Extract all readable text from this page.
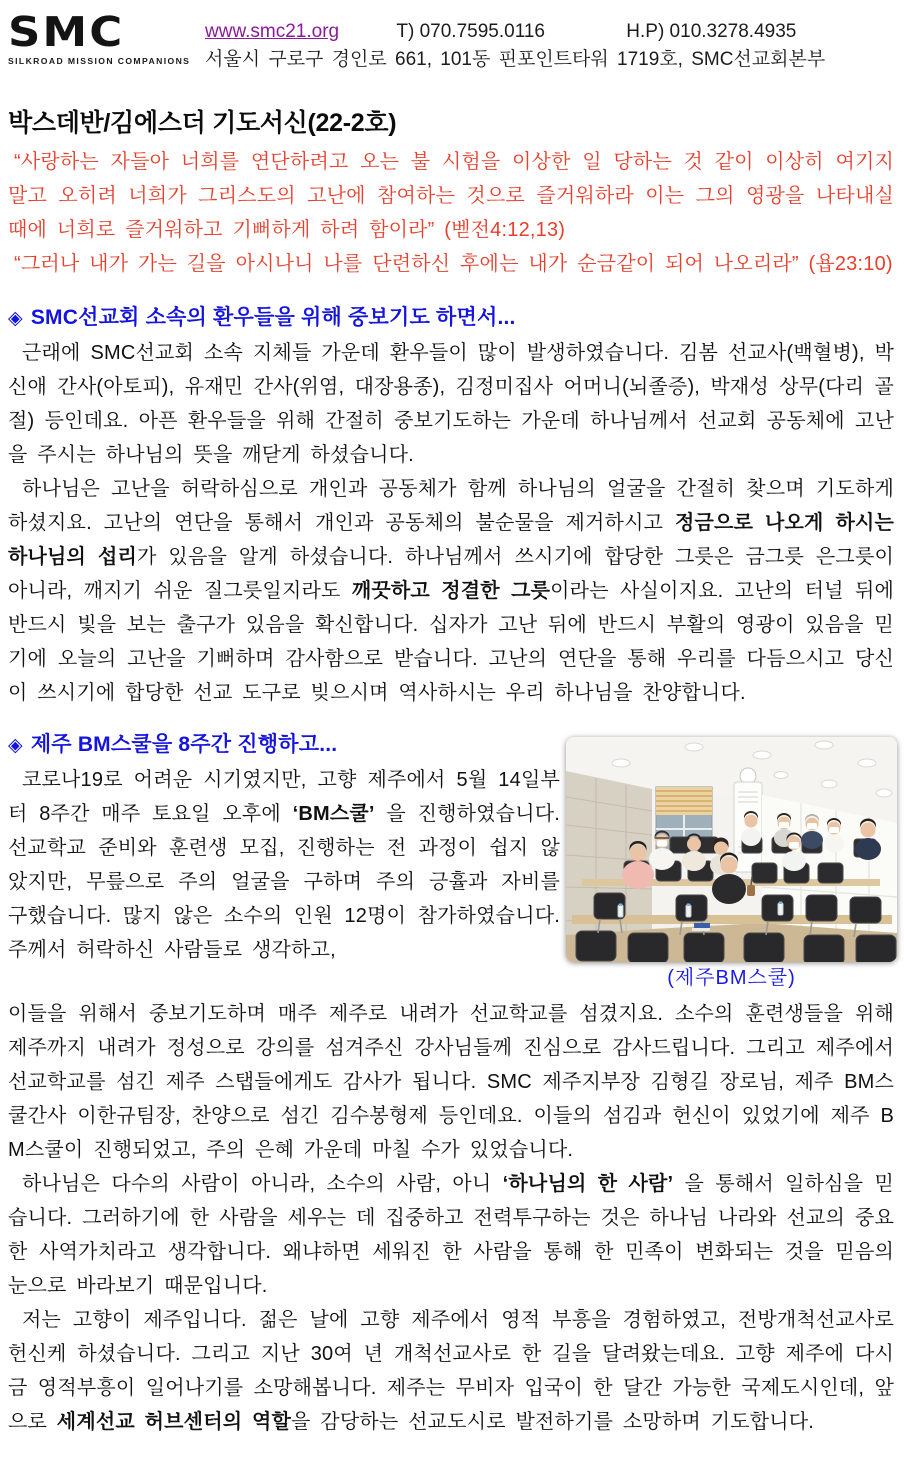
SMC
SILKROAD MISSION COMPANIONS
www.smc21.org	T) 070.7595.0116	H.P) 010.3278.4935
서울시 구로구 경인로 661, 101동 핀포인트타워 1719호, SMC선교회본부
박스데반/김에스더 기도서신(22-2호)

“사랑하는 자들아 너희를 연단하려고 오는 불 시험을 이상한 일 당하는 것 같이 이상히 여기지 말고 오히려 너희가 그리스도의 고난에 참여하는 것으로 즐거워하라 이는 그의 영광을 나타내실 때에 너희로 즐거워하고 기뻐하게 하려 함이라” (벧전4:12,13)

“그러나 내가 가는 길을 아시나니 나를 단련하신 후에는 내가 순금같이 되어 나오리라” (욥23:10)

◈ SMC선교회 소속의 환우들을 위해 중보기도 하면서...

근래에 SMC선교회 소속 지체들 가운데 환우들이 많이 발생하였습니다. 김봄 선교사(백혈병), 박신애 간사(아토피), 유재민 간사(위염, 대장용종), 김정미집사 어머니(뇌졸증), 박재성 상무(다리 골절) 등인데요. 아픈 환우들을 위해 간절히 중보기도하는 가운데 하나님께서 선교회 공동체에 고난을 주시는 하나님의 뜻을 깨닫게 하셨습니다.

하나님은 고난을 허락하심으로 개인과 공동체가 함께 하나님의 얼굴을 간절히 찾으며 기도하게 하셨지요. 고난의 연단을 통해서 개인과 공동체의 불순물을 제거하시고 정금으로 나오게 하시는 하나님의 섭리가 있음을 알게 하셨습니다. 하나님께서 쓰시기에 합당한 그릇은 금그릇 은그릇이 아니라, 깨지기 쉬운 질그릇일지라도 깨끗하고 정결한 그릇이라는 사실이지요. 고난의 터널 뒤에 반드시 빛을 보는 출구가 있음을 확신합니다. 십자가 고난 뒤에 반드시 부활의 영광이 있음을 믿기에 오늘의 고난을 기뻐하며 감사함으로 받습니다. 고난의 연단을 통해 우리를 다듬으시고 당신이 쓰시기에 합당한 선교 도구로 빚으시며 역사하시는 우리 하나님을 찬양합니다.

◈ 제주 BM스쿨을 8주간 진행하고...
(제주BM스쿨)

코로나19로 어려운 시기였지만, 고향 제주에서 5월 14일부터 8주간 매주 토요일 오후에 ‘BM스쿨’ 을 진행하였습니다. 선교학교 준비와 훈련생 모집, 진행하는 전 과정이 쉽지 않았지만, 무릎으로 주의 얼굴을 구하며 주의 긍휼과 자비를 구했습니다. 많지 않은 소수의 인원 12명이 참가하였습니다. 주께서 허락하신 사람들로 생각하고,

이들을 위해서 중보기도하며 매주 제주로 내려가 선교학교를 섬겼지요. 소수의 훈련생들을 위해 제주까지 내려가 정성으로 강의를 섬겨주신 강사님들께 진심으로 감사드립니다. 그리고 제주에서 선교학교를 섬긴 제주 스탭들에게도 감사가 됩니다. SMC 제주지부장 김형길 장로님, 제주 BM스쿨간사 이한규팀장, 찬양으로 섬긴 김수봉형제 등인데요. 이들의 섬김과 헌신이 있었기에 제주 BM스쿨이 진행되었고, 주의 은혜 가운데 마칠 수가 있었습니다.

하나님은 다수의 사람이 아니라, 소수의 사람, 아니 ‘하나님의 한 사람’ 을 통해서 일하심을 믿습니다. 그러하기에 한 사람을 세우는 데 집중하고 전력투구하는 것은 하나님 나라와 선교의 중요한 사역가치라고 생각합니다. 왜냐하면 세워진 한 사람을 통해 한 민족이 변화되는 것을 믿음의 눈으로 바라보기 때문입니다.

저는 고향이 제주입니다. 젊은 날에 고향 제주에서 영적 부흥을 경험하였고, 전방개척선교사로 헌신케 하셨습니다. 그리고 지난 30여 년 개척선교사로 한 길을 달려왔는데요. 고향 제주에 다시금 영적부흥이 일어나기를 소망해봅니다. 제주는 무비자 입국이 한 달간 가능한 국제도시인데, 앞으로 세계선교 허브센터의 역할을 감당하는 선교도시로 발전하기를 소망하며 기도합니다.
